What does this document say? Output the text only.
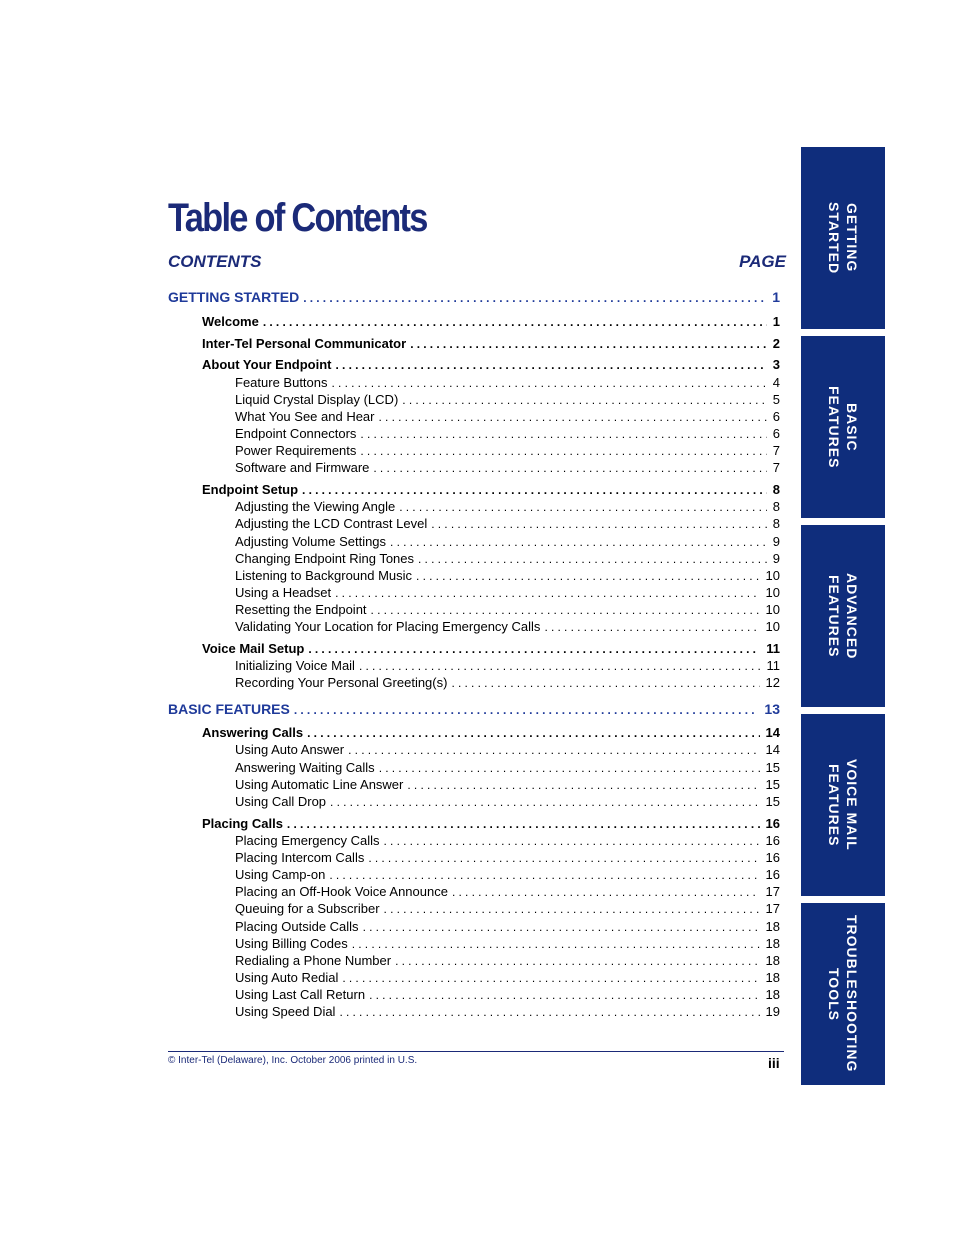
Table of Contents
CONTENTS	PAGE
GETTING STARTED .....	1
Welcome .....	1
Inter-Tel Personal Communicator .....	2
About Your Endpoint .....	3
Feature Buttons .....	4
Liquid Crystal Display (LCD) .....	5
What You See and Hear .....	6
Endpoint Connectors .....	6
Power Requirements .....	7
Software and Firmware .....	7
Endpoint Setup .....	8
Adjusting the Viewing Angle .....	8
Adjusting the LCD Contrast Level .....	8
Adjusting Volume Settings .....	9
Changing Endpoint Ring Tones .....	9
Listening to Background Music .....	10
Using a Headset .....	10
Resetting the Endpoint .....	10
Validating Your Location for Placing Emergency Calls .....	10
Voice Mail Setup .....	11
Initializing Voice Mail .....	11
Recording Your Personal Greeting(s) .....	12
BASIC FEATURES .....	13
Answering Calls .....	14
Using Auto Answer .....	14
Answering Waiting Calls .....	15
Using Automatic Line Answer .....	15
Using Call Drop .....	15
Placing Calls .....	16
Placing Emergency Calls .....	16
Placing Intercom Calls .....	16
Using Camp-on .....	16
Placing an Off-Hook Voice Announce .....	17
Queuing for a Subscriber .....	17
Placing Outside Calls .....	18
Using Billing Codes .....	18
Redialing a Phone Number .....	18
Using Auto Redial .....	18
Using Last Call Return .....	18
Using Speed Dial .....	19
© Inter-Tel (Delaware), Inc. October 2006 printed in U.S.	iii
GETTING
STARTED
BASIC
FEATURES
ADVANCED
FEATURES
VOICE MAIL
FEATURES
TROUBLESHOOTING
TOOLS
